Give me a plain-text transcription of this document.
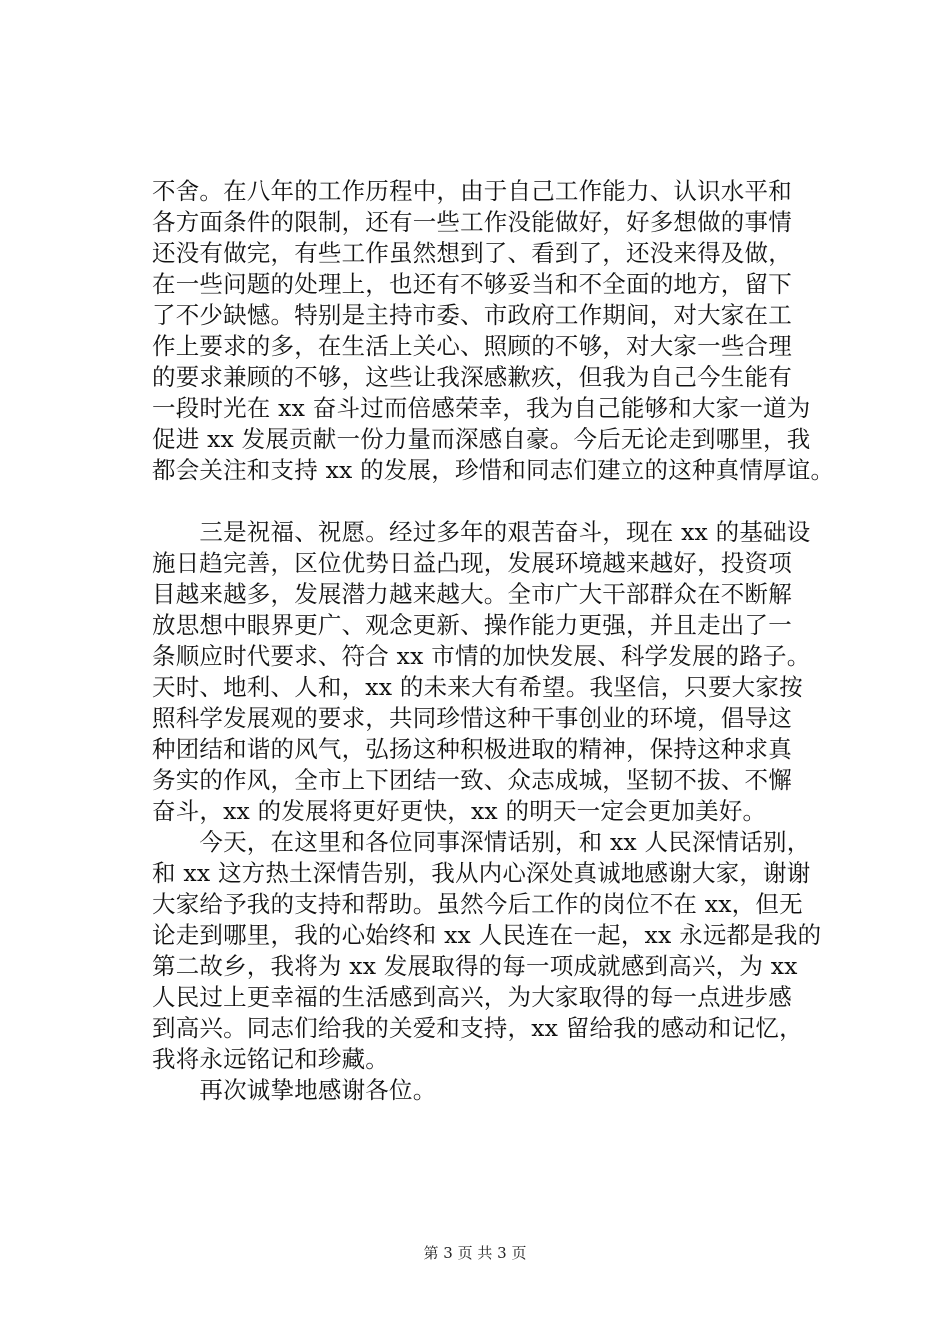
不舍。在八年的工作历程中，由于自己工作能力、认识水平和
各方面条件的限制，还有一些工作没能做好，好多想做的事情
还没有做完，有些工作虽然想到了、看到了，还没来得及做，
在一些问题的处理上，也还有不够妥当和不全面的地方，留下
了不少缺憾。特别是主持市委、市政府工作期间，对大家在工
作上要求的多，在生活上关心、照顾的不够，对大家一些合理
的要求兼顾的不够，这些让我深感歉疚，但我为自己今生能有
一段时光在 xx 奋斗过而倍感荣幸，我为自己能够和大家一道为
促进 xx 发展贡献一份力量而深感自豪。今后无论走到哪里，我
都会关注和支持 xx 的发展，珍惜和同志们建立的这种真情厚谊。
　　三是祝福、祝愿。经过多年的艰苦奋斗，现在 xx 的基础设
施日趋完善，区位优势日益凸现，发展环境越来越好，投资项
目越来越多，发展潜力越来越大。全市广大干部群众在不断解
放思想中眼界更广、观念更新、操作能力更强，并且走出了一
条顺应时代要求、符合 xx 市情的加快发展、科学发展的路子。
天时、地利、人和，xx 的未来大有希望。我坚信，只要大家按
照科学发展观的要求，共同珍惜这种干事创业的环境，倡导这
种团结和谐的风气，弘扬这种积极进取的精神，保持这种求真
务实的作风，全市上下团结一致、众志成城，坚韧不拔、不懈
奋斗，xx 的发展将更好更快，xx 的明天一定会更加美好。
　　今天，在这里和各位同事深情话别，和 xx 人民深情话别，
和 xx 这方热土深情告别，我从内心深处真诚地感谢大家，谢谢
大家给予我的支持和帮助。虽然今后工作的岗位不在 xx，但无
论走到哪里，我的心始终和 xx 人民连在一起，xx 永远都是我的
第二故乡，我将为 xx 发展取得的每一项成就感到高兴，为 xx
人民过上更幸福的生活感到高兴，为大家取得的每一点进步感
到高兴。同志们给我的关爱和支持，xx 留给我的感动和记忆，
我将永远铭记和珍藏。
　　再次诚挚地感谢各位。
第 3 页 共 3 页
